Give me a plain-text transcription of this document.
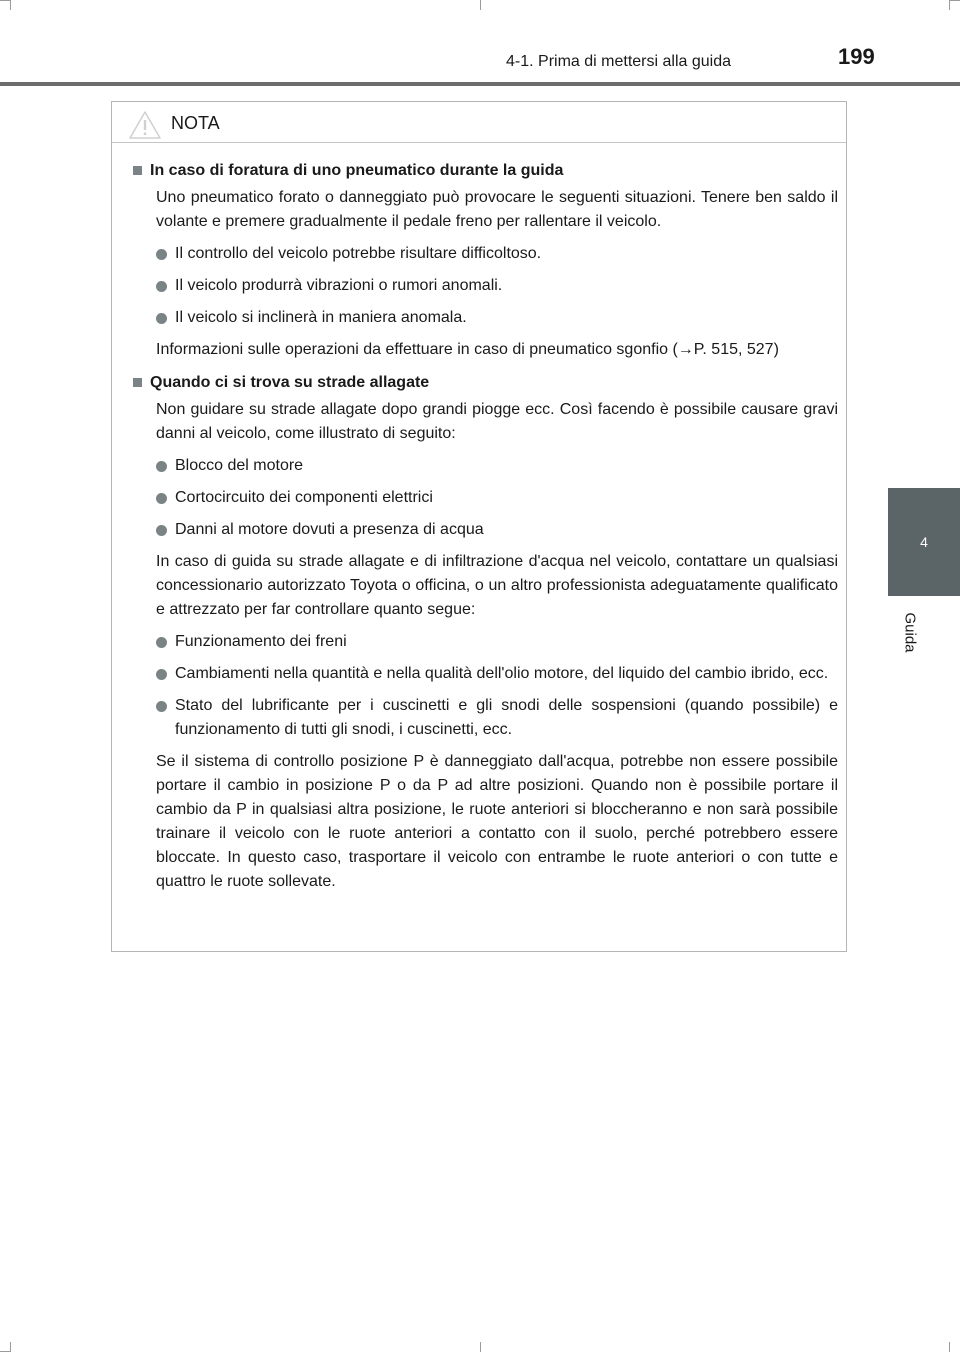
4-1. Prima di mettersi alla guida	199
4
Guida
NOTA
In caso di foratura di uno pneumatico durante la guida

Uno pneumatico forato o danneggiato può provocare le seguenti situazioni. Tenere ben saldo il volante e premere gradualmente il pedale freno per rallentare il veicolo.

Il controllo del veicolo potrebbe risultare difficoltoso.
Il veicolo produrrà vibrazioni o rumori anomali.
Il veicolo si inclinerà in maniera anomala.

Informazioni sulle operazioni da effettuare in caso di pneumatico sgonfio (→P. 515, 527)

Quando ci si trova su strade allagate

Non guidare su strade allagate dopo grandi piogge ecc. Così facendo è possibile causare gravi danni al veicolo, come illustrato di seguito:

Blocco del motore
Cortocircuito dei componenti elettrici
Danni al motore dovuti a presenza di acqua

In caso di guida su strade allagate e di infiltrazione d'acqua nel veicolo, contattare un qualsiasi concessionario autorizzato Toyota o officina, o un altro professionista adeguatamente qualificato e attrezzato per far controllare quanto segue:

Funzionamento dei freni
Cambiamenti nella quantità e nella qualità dell'olio motore, del liquido del cambio ibrido, ecc.
Stato del lubrificante per i cuscinetti e gli snodi delle sospensioni (quando possibile) e funzionamento di tutti gli snodi, i cuscinetti, ecc.

Se il sistema di controllo posizione P è danneggiato dall'acqua, potrebbe non essere possibile portare il cambio in posizione P o da P ad altre posizioni. Quando non è possibile portare il cambio da P in qualsiasi altra posizione, le ruote anteriori si bloccheranno e non sarà possibile trainare il veicolo con le ruote anteriori a contatto con il suolo, perché potrebbero essere bloccate. In questo caso, trasportare il veicolo con entrambe le ruote anteriori o con tutte e quattro le ruote sollevate.
